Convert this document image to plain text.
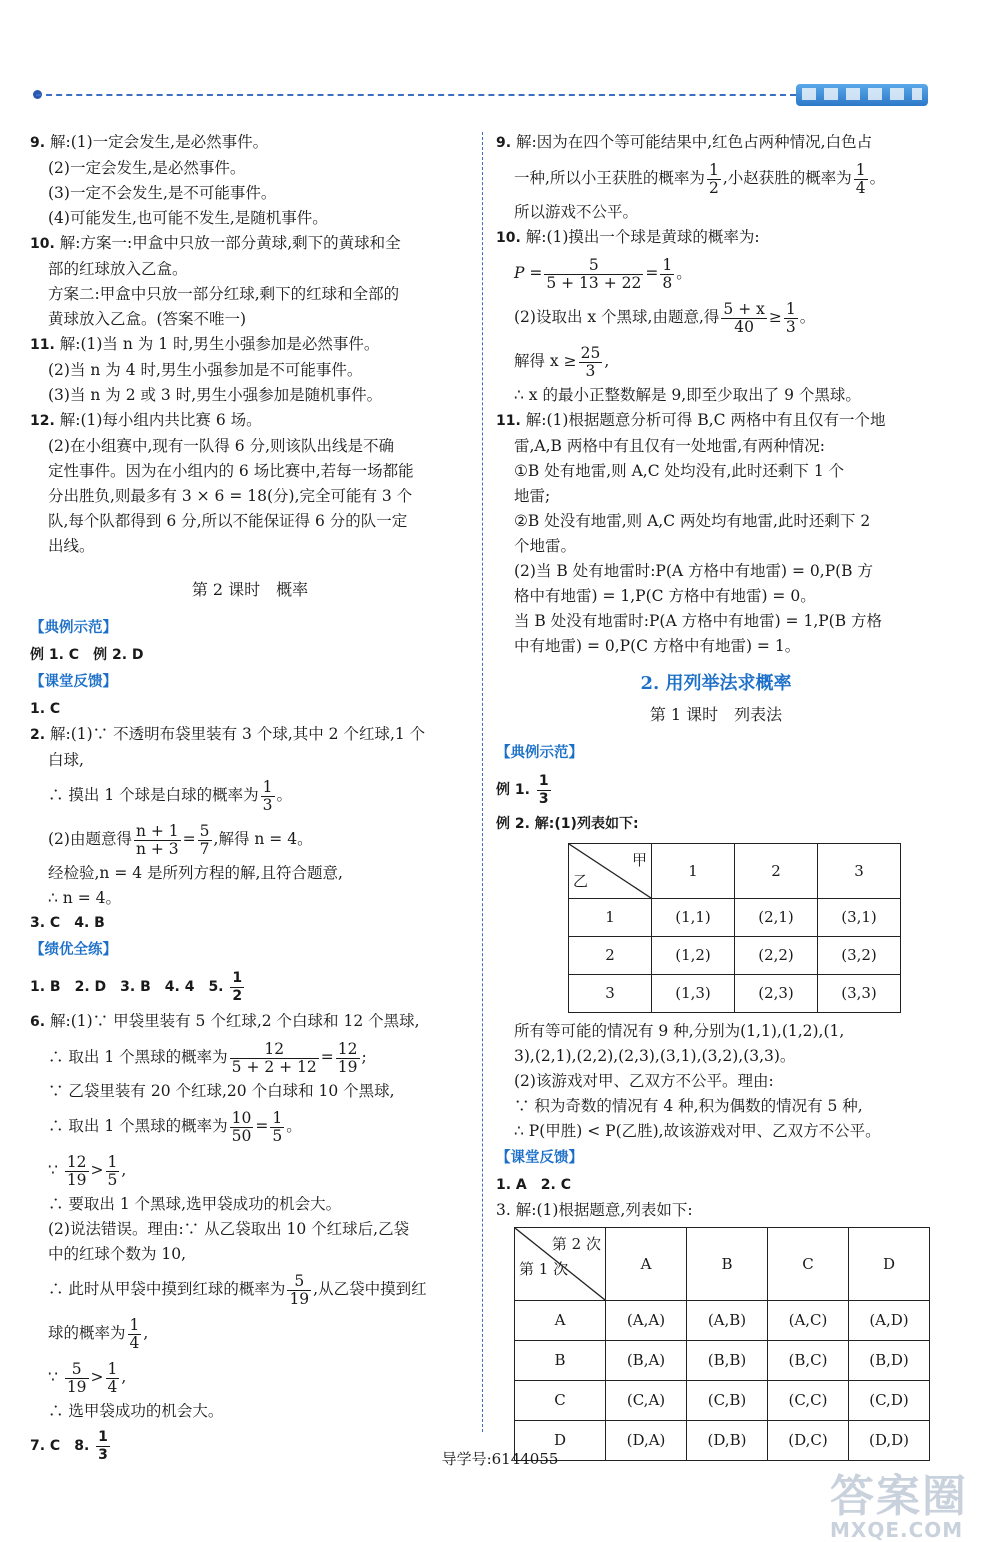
9. 解:(1)一定会发生,是必然事件。
(2)一定会发生,是必然事件。
(3)一定不会发生,是不可能事件。
(4)可能发生,也可能不发生,是随机事件。
10. 解:方案一:甲盒中只放一部分黄球,剩下的黄球和全
部的红球放入乙盒。
方案二:甲盒中只放一部分红球,剩下的红球和全部的
黄球放入乙盒。(答案不唯一)
11. 解:(1)当 n 为 1 时,男生小强参加是必然事件。
(2)当 n 为 4 时,男生小强参加是不可能事件。
(3)当 n 为 2 或 3 时,男生小强参加是随机事件。
12. 解:(1)每小组内共比赛 6 场。
(2)在小组赛中,现有一队得 6 分,则该队出线是不确
定性事件。因为在小组内的 6 场比赛中,若每一场都能
分出胜负,则最多有 3 × 6 = 18(分),完全可能有 3 个
队,每个队都得到 6 分,所以不能保证得 6 分的队一定
出线。
第 2 课时　概率
【典例示范】
例 1. C　例 2. D
【课堂反馈】
1. C
2. 解:(1)∵ 不透明布袋里装有 3 个球,其中 2 个红球,1 个
白球,
∴ 摸出 1 个球是白球的概率为 $\frac{1}{3}$ 。
(2)由题意得 $\frac{n + 1}{n + 3} = \frac{5}{7}$ ,解得 n = 4。
经检验,n = 4 是所列方程的解,且符合题意,
∴ n = 4。
3. C　4. B
【绩优全练】
1. B　2. D　3. B　4. 4　5. $\frac{1}{2}$
6. 解:(1)∵ 甲袋里装有 5 个红球,2 个白球和 12 个黑球,
∴ 取出 1 个黑球的概率为 $\frac{12}{5 + 2 + 12} = \frac{12}{19}$ ;
∵ 乙袋里装有 20 个红球,20 个白球和 10 个黑球,
∴ 取出 1 个黑球的概率为 $\frac{10}{50} = \frac{1}{5}$ 。
∵ $\frac{12}{19} > \frac{1}{5}$ ,
∴ 要取出 1 个黑球,选甲袋成功的机会大。
(2)说法错误。理由:∵ 从乙袋取出 10 个红球后,乙袋
中的红球个数为 10,
∴ 此时从甲袋中摸到红球的概率为 $\frac{5}{19}$ ,从乙袋中摸到红
球的概率为 $\frac{1}{4}$ ,
∵ $\frac{5}{19} > \frac{1}{4}$ ,
∴ 选甲袋成功的机会大。
7. C　8. $\frac{1}{3}$
9. 解:因为在四个等可能结果中,红色占两种情况,白色占
一种,所以小王获胜的概率为 $\frac{1}{2}$ ,小赵获胜的概率为 $\frac{1}{4}$ 。
所以游戏不公平。
10. 解:(1)摸出一个球是黄球的概率为:
$P = \frac{5}{5 + 13 + 22} = \frac{1}{8}$ 。
(2)设取出 x 个黑球,由题意,得 $\frac{5 + x}{40} \ge \frac{1}{3}$ 。
解得 $x \ge \frac{25}{3}$ ,
∴ x 的最小正整数解是 9,即至少取出了 9 个黑球。
11. 解:(1)根据题意分析可得 B,C 两格中有且仅有一个地
雷,A,B 两格中有且仅有一处地雷,有两种情况:
①B 处有地雷,则 A,C 处均没有,此时还剩下 1 个
地雷;
②B 处没有地雷,则 A,C 两处均有地雷,此时还剩下 2
个地雷。
(2)当 B 处有地雷时:P(A 方格中有地雷) = 0,P(B 方
格中有地雷) = 1,P(C 方格中有地雷) = 0。
当 B 处没有地雷时:P(A 方格中有地雷) = 1,P(B 方格
中有地雷) = 0,P(C 方格中有地雷) = 1。
2. 用列举法求概率
第 1 课时　列表法
【典例示范】
例 1. $\frac{1}{3}$
例 2. 解:(1)列表如下:
甲
乙	1	2	3
1	(1,1)	(2,1)	(3,1)
2	(1,2)	(2,2)	(3,2)
3	(1,3)	(2,3)	(3,3)
所有等可能的情况有 9 种,分别为(1,1),(1,2),(1,
3),(2,1),(2,2),(2,3),(3,1),(3,2),(3,3)。
(2)该游戏对甲、乙双方不公平。理由:
∵ 积为奇数的情况有 4 种,积为偶数的情况有 5 种,
∴ P(甲胜) < P(乙胜),故该游戏对甲、乙双方不公平。
【课堂反馈】
1. A　2. C
3. 解:(1)根据题意,列表如下:
第 2 次
第 1 次	A	B	C	D
A	(A,A)	(A,B)	(A,C)	(A,D)
B	(B,A)	(B,B)	(B,C)	(B,D)
C	(C,A)	(C,B)	(C,C)	(C,D)
D	(D,A)	(D,B)	(D,C)	(D,D)
导学号:6144055
答案圈
MXQE.COM
